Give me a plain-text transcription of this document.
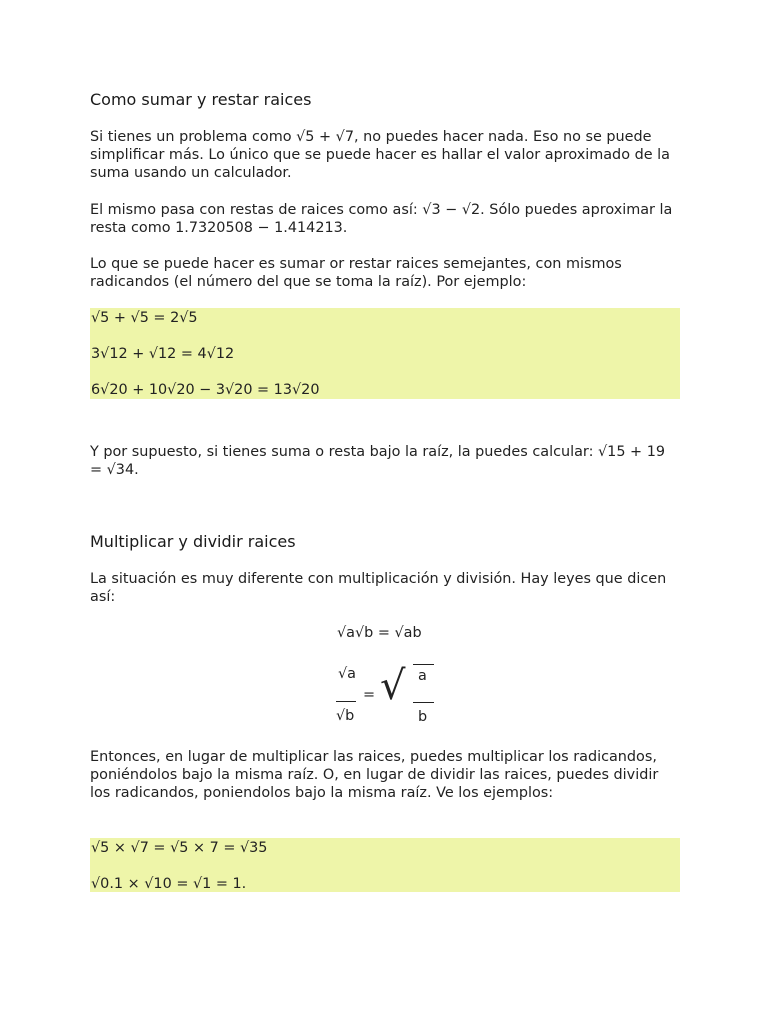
Como sumar y restar raices

Si tienes un problema como √5 + √7, no puedes hacer nada. Eso no se puede simplificar más. Lo único que se puede hacer es hallar el valor aproximado de la suma usando un calculador.

El mismo pasa con restas de raices como así: √3 − √2. Sólo puedes aproximar la resta como 1.7320508 − 1.414213.

Lo que se puede hacer es sumar or restar raices semejantes, con mismos radicandos (el número del que se toma la raíz). Por ejemplo:

√5 + √5 = 2√5
3√12 + √12 = 4√12
6√20 + 10√20 − 3√20 = 13√20

Y por supuesto, si tienes suma o resta bajo la raíz, la puedes calcular: √15 + 19 = √34.

Multiplicar y dividir raices

La situación es muy diferente con multiplicación y división. Hay leyes que dicen así:

√a√b = √ab
√a
√b
= √ a
b

Entonces, en lugar de multiplicar las raices, puedes multiplicar los radicandos, poniéndolos bajo la misma raíz. O, en lugar de dividir las raices, puedes dividir los radicandos, poniendolos bajo la misma raíz. Ve los ejemplos:

√5 × √7 = √5 × 7 = √35
√0.1 × √10 = √1 = 1.
